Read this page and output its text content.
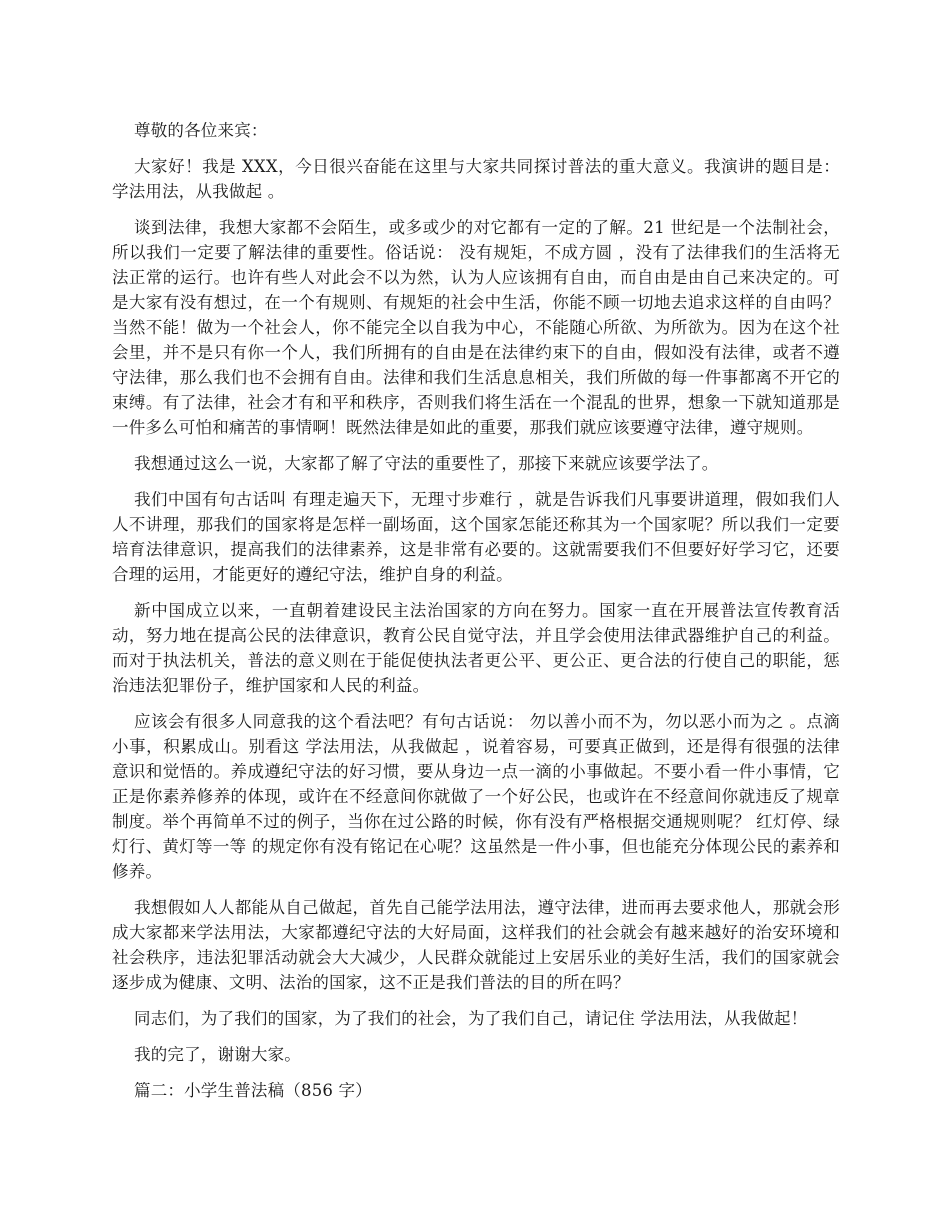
尊敬的各位来宾：

大家好！我是 XXX，今日很兴奋能在这里与大家共同探讨普法的重大意义。我演讲的题目是： 学法用法，从我做起 。

谈到法律，我想大家都不会陌生，或多或少的对它都有一定的了解。21 世纪是一个法制社会，所以我们一定要了解法律的重要性。俗话说： 没有规矩，不成方圆 ，没有了法律我们的生活将无法正常的运行。也许有些人对此会不以为然，认为人应该拥有自由，而自由是由自己来决定的。可是大家有没有想过，在一个有规则、有规矩的社会中生活，你能不顾一切地去追求这样的自由吗？当然不能！做为一个社会人，你不能完全以自我为中心，不能随心所欲、为所欲为。因为在这个社会里，并不是只有你一个人，我们所拥有的自由是在法律约束下的自由，假如没有法律，或者不遵守法律，那么我们也不会拥有自由。法律和我们生活息息相关，我们所做的每一件事都离不开它的束缚。有了法律，社会才有和平和秩序，否则我们将生活在一个混乱的世界，想象一下就知道那是一件多么可怕和痛苦的事情啊！既然法律是如此的重要，那我们就应该要遵守法律，遵守规则。

我想通过这么一说，大家都了解了守法的重要性了，那接下来就应该要学法了。

我们中国有句古话叫 有理走遍天下，无理寸步难行 ，就是告诉我们凡事要讲道理，假如我们人人不讲理，那我们的国家将是怎样一副场面，这个国家怎能还称其为一个国家呢？所以我们一定要培育法律意识，提高我们的法律素养，这是非常有必要的。这就需要我们不但要好好学习它，还要合理的运用，才能更好的遵纪守法，维护自身的利益。

新中国成立以来，一直朝着建设民主法治国家的方向在努力。国家一直在开展普法宣传教育活动，努力地在提高公民的法律意识，教育公民自觉守法，并且学会使用法律武器维护自己的利益。而对于执法机关，普法的意义则在于能促使执法者更公平、更公正、更合法的行使自己的职能，惩治违法犯罪份子，维护国家和人民的利益。

应该会有很多人同意我的这个看法吧？有句古话说： 勿以善小而不为，勿以恶小而为之 。点滴小事，积累成山。别看这 学法用法，从我做起 ，说着容易，可要真正做到，还是得有很强的法律意识和觉悟的。养成遵纪守法的好习惯，要从身边一点一滴的小事做起。不要小看一件小事情，它正是你素养修养的体现，或许在不经意间你就做了一个好公民，也或许在不经意间你就违反了规章制度。举个再简单不过的例子，当你在过公路的时候，你有没有严格根据交通规则呢？ 红灯停、绿灯行、黄灯等一等 的规定你有没有铭记在心呢？这虽然是一件小事，但也能充分体现公民的素养和修养。

我想假如人人都能从自己做起，首先自己能学法用法，遵守法律，进而再去要求他人，那就会形成大家都来学法用法，大家都遵纪守法的大好局面，这样我们的社会就会有越来越好的治安环境和社会秩序，违法犯罪活动就会大大减少，人民群众就能过上安居乐业的美好生活，我们的国家就会逐步成为健康、文明、法治的国家，这不正是我们普法的目的所在吗？

同志们，为了我们的国家，为了我们的社会，为了我们自己，请记住 学法用法，从我做起！

我的完了，谢谢大家。

篇二：小学生普法稿（856 字）
